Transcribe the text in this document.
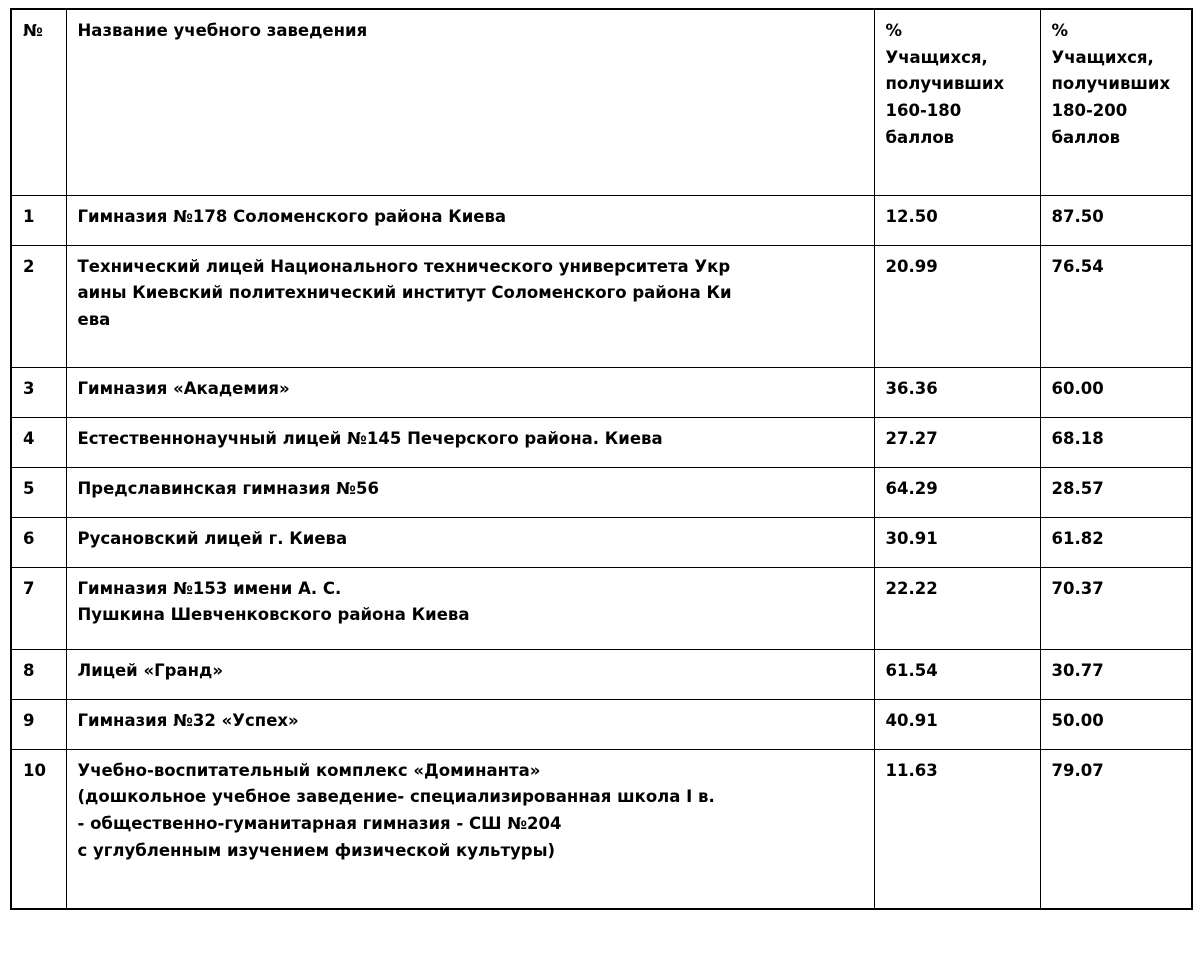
№	Название учебного заведения	%
Учащихся,
получивших
160-180
баллов	%
Учащихся,
получивших
180-200
баллов

1	Гимназия №178 Соломенского района Киева	12.50	87.50
2	Технический лицей Национального технического университета Укр
аины Киевский политехнический институт Соломенского района Ки
ева	20.99	76.54
3	Гимназия «Академия»	36.36	60.00
4	Естественнонаучный лицей №145 Печерского района. Киева	27.27	68.18
5	Предславинская гимназия №56	64.29	28.57
6	Русановский лицей г. Киева	30.91	61.82
7	Гимназия №153 имени А. С.
Пушкина Шевченковского района Киева	22.22	70.37
8	Лицей «Гранд»	61.54	30.77
9	Гимназия №32 «Успех»	40.91	50.00
10	Учебно-воспитательный комплекс «Доминанта»
(дошкольное учебное заведение- специализированная школа I в.
- общественно-гуманитарная гимназия - СШ №204
с углубленным изучением физической культуры)	11.63	79.07
